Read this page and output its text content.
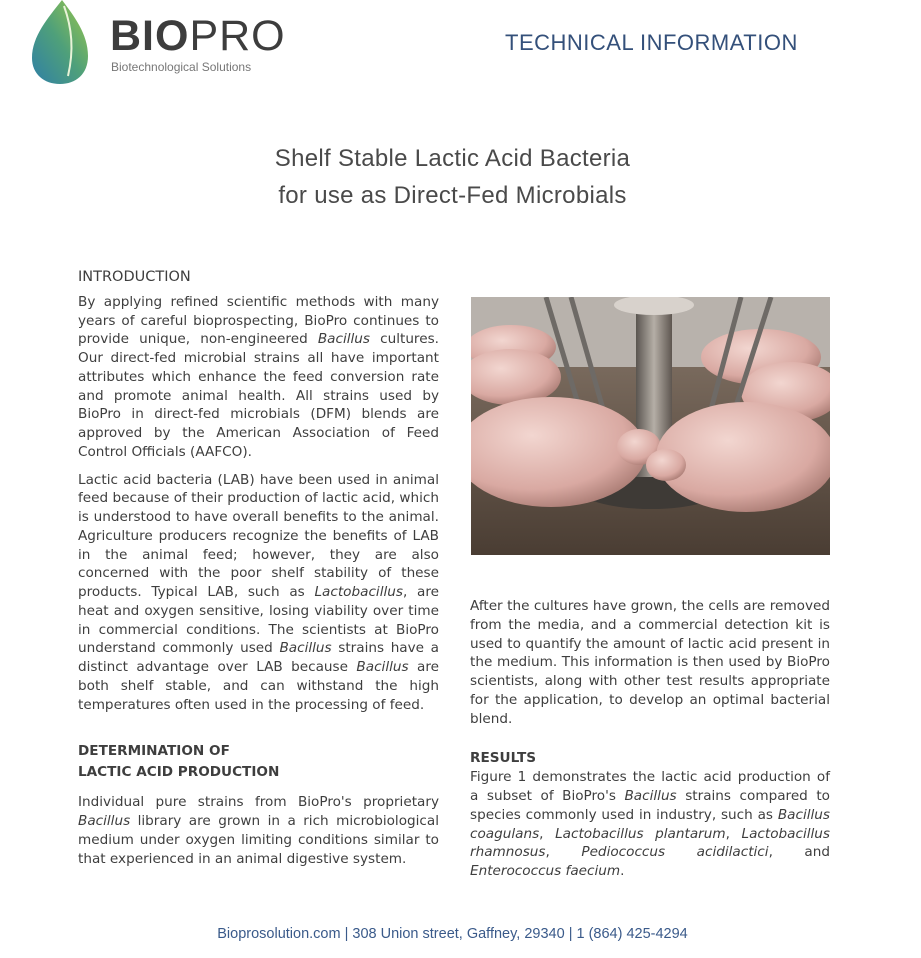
BIOPRO
Biotechnological Solutions
TECHNICAL INFORMATION
Shelf Stable Lactic Acid Bacteria
for use as Direct-Fed Microbials
INTRODUCTION

By applying refined scientific methods with many years of careful bioprospecting, BioPro continues to provide unique, non-engineered Bacillus cultures. Our direct-fed microbial strains all have important attributes which enhance the feed conversion rate and promote animal health. All strains used by BioPro in direct-fed microbials (DFM) blends are approved by the American Association of Feed Control Officials (AAFCO).

Lactic acid bacteria (LAB) have been used in animal feed because of their production of lactic acid, which is understood to have overall benefits to the animal. Agriculture producers recognize the benefits of LAB in the animal feed; however, they are also concerned with the poor shelf stability of these products. Typical LAB, such as Lactobacillus, are heat and oxygen sensitive, losing viability over time in commercial conditions. The scientists at BioPro understand commonly used Bacillus strains have a distinct advantage over LAB because Bacillus are both shelf stable, and can withstand the high temperatures often used in the processing of feed.

DETERMINATION OF
LACTIC ACID PRODUCTION

Individual pure strains from BioPro's proprietary Bacillus library are grown in a rich microbiological medium under oxygen limiting conditions similar to that experienced in an animal digestive system.

After the cultures have grown, the cells are removed from the media, and a commercial detection kit is used to quantify the amount of lactic acid present in the medium. This information is then used by BioPro scientists, along with other test results appropriate for the application, to develop an optimal bacterial blend.

RESULTS

Figure 1 demonstrates the lactic acid production of a subset of BioPro's Bacillus strains compared to species commonly used in industry, such as Bacillus coagulans, Lactobacillus plantarum, Lactobacillus rhamnosus, Pediococcus acidilactici, and Enterococcus faecium.

Bioprosolution.com | 308 Union street, Gaffney, 29340 | 1 (864) 425-4294
